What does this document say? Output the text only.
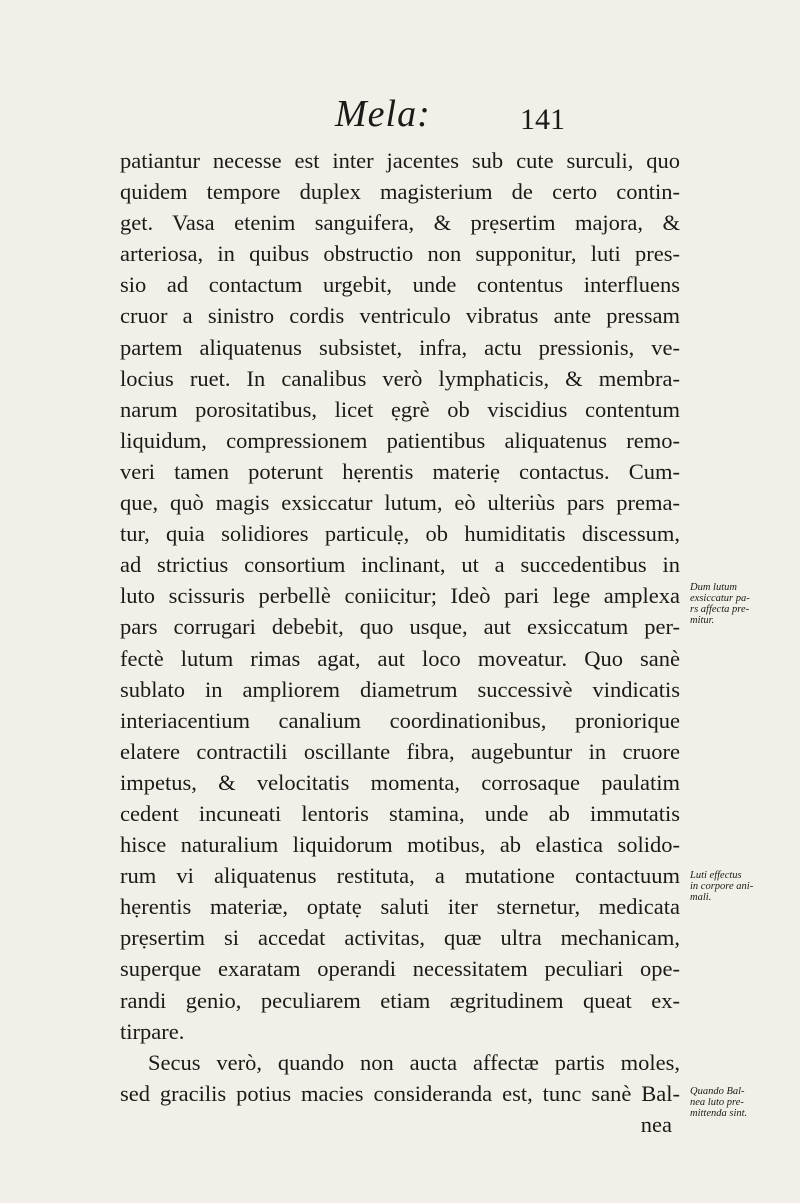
Mela:	141
patiantur necesse est inter jacentes sub cute surculi, quo
quidem tempore duplex magisterium de certo contin-
get. Vasa etenim sanguifera, & prẹsertim majora, &
arteriosa, in quibus obstructio non supponitur, luti pres-
sio ad contactum urgebit, unde contentus interfluens
cruor a sinistro cordis ventriculo vibratus ante pressam
partem aliquatenus subsistet, infra, actu pressionis, ve-
locius ruet. In canalibus verò lymphaticis, & membra-
narum porositatibus, licet ẹgrè ob viscidius contentum
liquidum, compressionem patientibus aliquatenus remo-
veri tamen poterunt hẹrentis materiẹ contactus. Cum-
que, quò magis exsiccatur lutum, eò ulteriùs pars prema-
tur, quia solidiores particulẹ, ob humiditatis discessum,
ad strictius consortium inclinant, ut a succedentibus in
luto scissuris perbellè coniicitur; Ideò pari lege amplexa
pars corrugari debebit, quo usque, aut exsiccatum per-
fectè lutum rimas agat, aut loco moveatur. Quo sanè
sublato in ampliorem diametrum successivè vindicatis
interiacentium canalium coordinationibus, proniorique
elatere contractili oscillante fibra, augebuntur in cruore
impetus, & velocitatis momenta, corrosaque paulatim
cedent incuneati lentoris stamina, unde ab immutatis
hisce naturalium liquidorum motibus, ab elastica solido-
rum vi aliquatenus restituta, a mutatione contactuum
hẹrentis materiæ, optatẹ saluti iter sternetur, medicata
prẹsertim si accedat activitas, quæ ultra mechanicam,
superque exaratam operandi necessitatem peculiari ope-
randi genio, peculiarem etiam ægritudinem queat ex-
tirpare.
Secus verò, quando non aucta affectæ partis moles,
sed gracilis potius macies consideranda est, tunc sanè Bal-
nea
Dum lutum
exsiccatur pa-
rs affecta pre-
mitur.
Luti effectus
in corpore ani-
mali.
Quando Bal-
nea luto pre-
mittenda sint.
